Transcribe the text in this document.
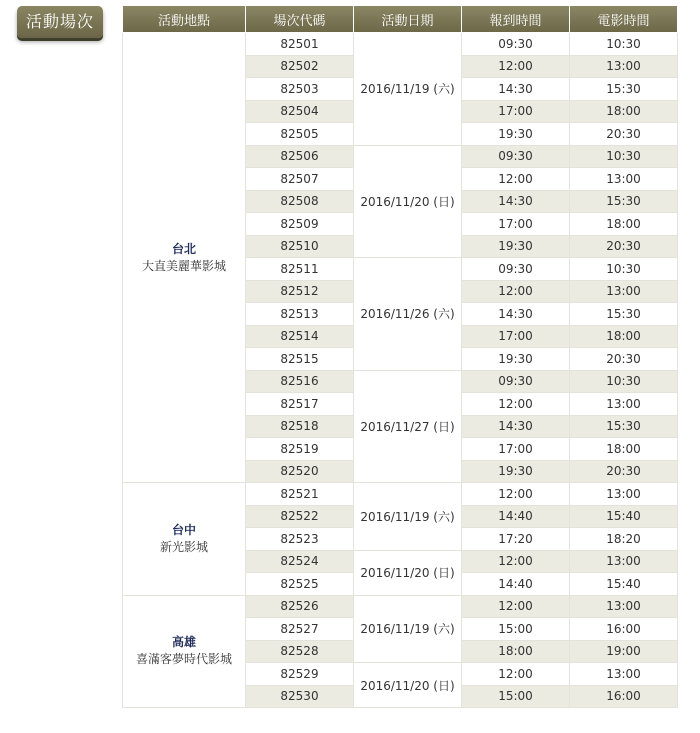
活動場次	活動地點	場次代碼	活動日期	報到時間	電影時間

台北
大直美麗華影城	82501	2016/11/19 (六)	09:30	10:30
	82502		12:00	13:00
	82503		14:30	15:30
	82504		17:00	18:00
	82505		19:30	20:30
	82506	2016/11/20 (日)	09:30	10:30
	82507		12:00	13:00
	82508		14:30	15:30
	82509		17:00	18:00
	82510		19:30	20:30
	82511	2016/11/26 (六)	09:30	10:30
	82512		12:00	13:00
	82513		14:30	15:30
	82514		17:00	18:00
	82515		19:30	20:30
	82516	2016/11/27 (日)	09:30	10:30
	82517		12:00	13:00
	82518		14:30	15:30
	82519		17:00	18:00
	82520		19:30	20:30

台中
新光影城	82521	2016/11/19 (六)	12:00	13:00
	82522		14:40	15:40
	82523		17:20	18:20
	82524	2016/11/20 (日)	12:00	13:00
	82525		14:40	15:40

高雄
喜滿客夢時代影城	82526	2016/11/19 (六)	12:00	13:00
	82527		15:00	16:00
	82528		18:00	19:00
	82529	2016/11/20 (日)	12:00	13:00
	82530		15:00	16:00
